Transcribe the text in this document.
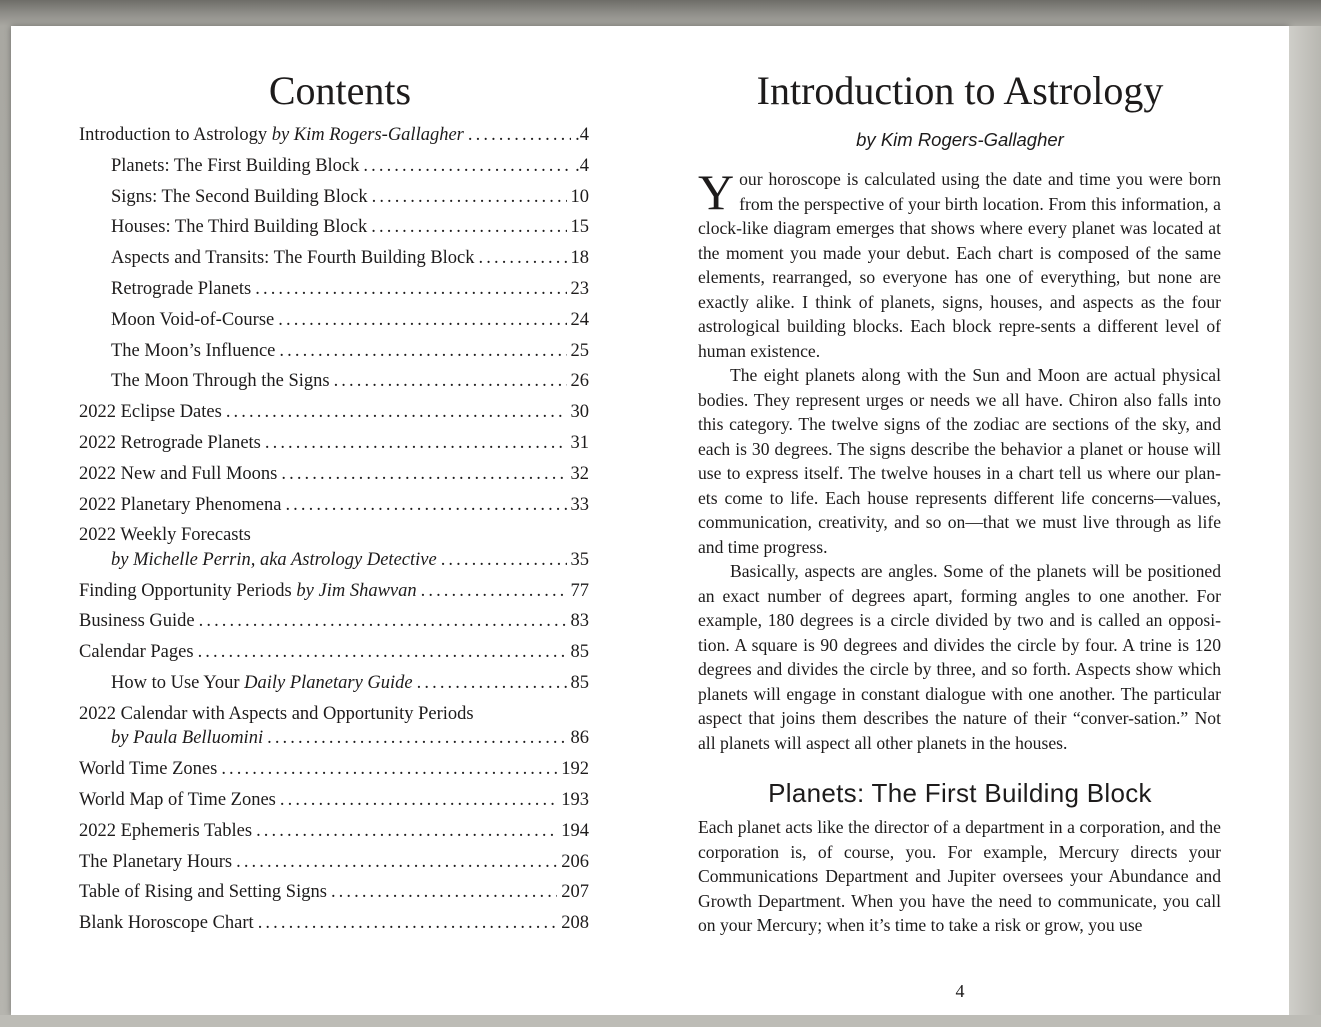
Contents
Introduction to Astrology by Kim Rogers-Gallagher .....	.4
Planets: The First Building Block .....	.4
Signs: The Second Building Block .....	10
Houses: The Third Building Block .....	15
Aspects and Transits: The Fourth Building Block .....	18
Retrograde Planets .....	23
Moon Void-of-Course .....	24
The Moon’s Influence .....	25
The Moon Through the Signs .....	26
2022 Eclipse Dates .....	30
2022 Retrograde Planets .....	31
2022 New and Full Moons .....	32
2022 Planetary Phenomena .....	33
2022 Weekly Forecasts
by Michelle Perrin, aka Astrology Detective .....	35
Finding Opportunity Periods by Jim Shawvan .....	77
Business Guide .....	83
Calendar Pages .....	85
How to Use Your Daily Planetary Guide .....	85
2022 Calendar with Aspects and Opportunity Periods
by Paula Belluomini .....	86
World Time Zones .....	192
World Map of Time Zones .....	193
2022 Ephemeris Tables .....	194
The Planetary Hours .....	206
Table of Rising and Setting Signs .....	207
Blank Horoscope Chart .....	208
Introduction to Astrology
by Kim Rogers-Gallagher

Your horoscope is calculated using the date and time you were born from the perspective of your birth location. From this information, a clock-like diagram emerges that shows where every planet was located at the moment you made your debut. Each chart is composed of the same elements, rearranged, so everyone has one of everything, but none are exactly alike. I think of planets, signs, houses, and aspects as the four astrological building blocks. Each block repre-sents a different level of human existence.

The eight planets along with the Sun and Moon are actual physical bodies. They represent urges or needs we all have. Chiron also falls into this category. The twelve signs of the zodiac are sections of the sky, and each is 30 degrees. The signs describe the behavior a planet or house will use to express itself. The twelve houses in a chart tell us where our plan-ets come to life. Each house represents different life concerns—values, communication, creativity, and so on—that we must live through as life and time progress.

Basically, aspects are angles. Some of the planets will be positioned an exact number of degrees apart, forming angles to one another. For example, 180 degrees is a circle divided by two and is called an opposi-tion. A square is 90 degrees and divides the circle by four. A trine is 120 degrees and divides the circle by three, and so forth. Aspects show which planets will engage in constant dialogue with one another. The particular aspect that joins them describes the nature of their “conver-sation.” Not all planets will aspect all other planets in the houses.

Planets: The First Building Block

Each planet acts like the director of a department in a corporation, and the corporation is, of course, you. For example, Mercury directs your Communications Department and Jupiter oversees your Abundance and Growth Department. When you have the need to communicate, you call on your Mercury; when it’s time to take a risk or grow, you use

4
